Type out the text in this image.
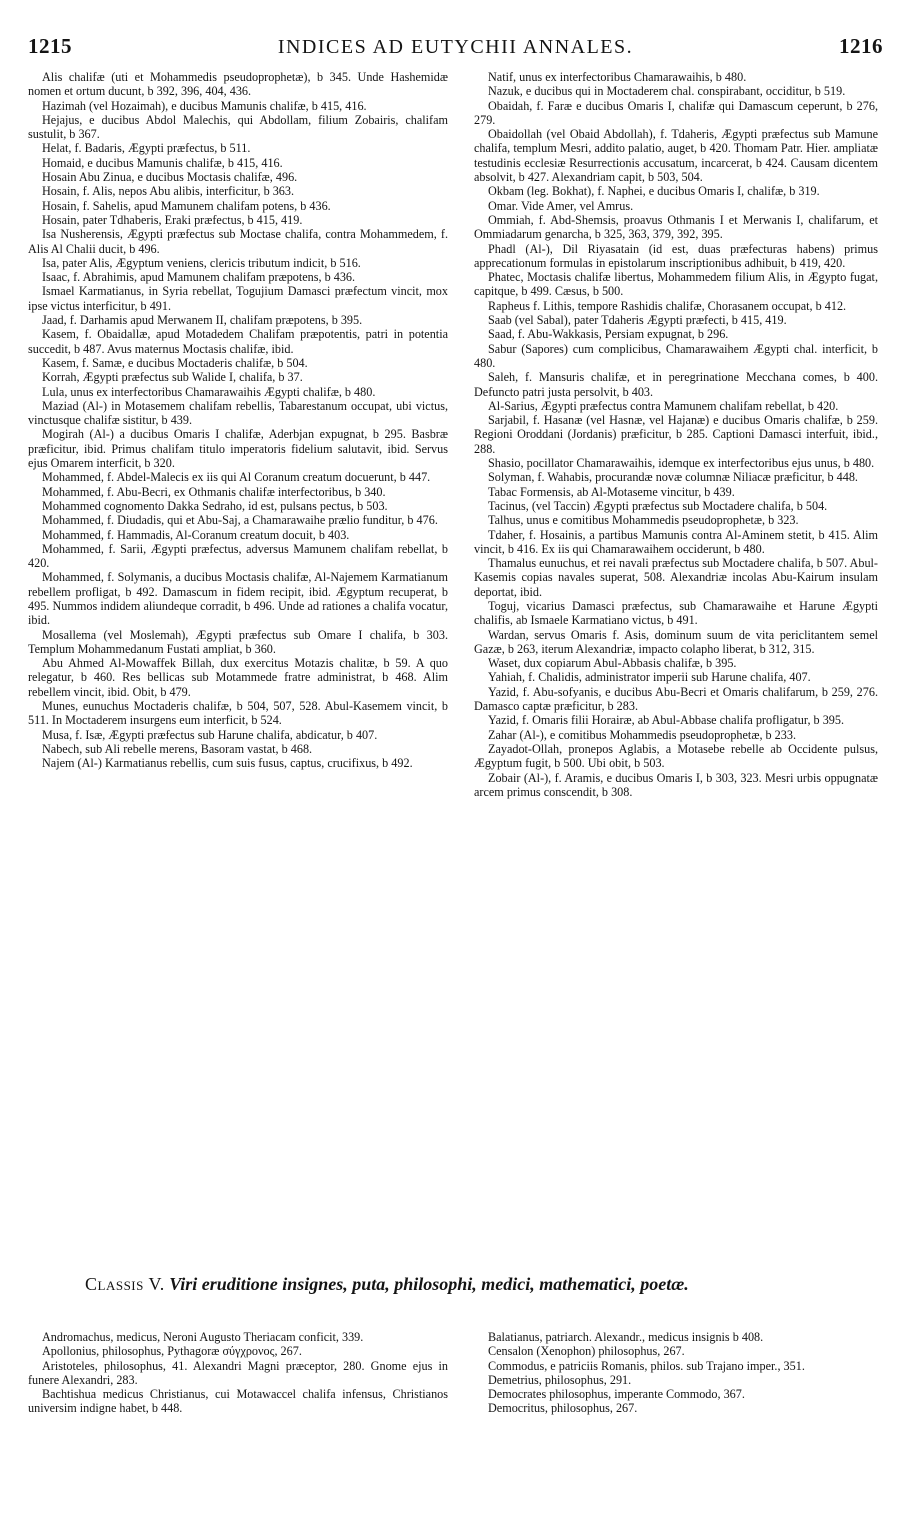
1215	INDICES AD EUTYCHII ANNALES.	1216

Alis chalifæ (uti et Mohammedis pseudoprophetæ), b 345. Unde Hashemidæ nomen et ortum ducunt, b 392, 396, 404, 436.

Hazimah (vel Hozaimah), e ducibus Mamunis chalifæ, b 415, 416.

Hejajus, e ducibus Abdol Malechis, qui Abdollam, filium Zobairis, chalifam sustulit, b 367.

Helat, f. Badaris, Ægypti præfectus, b 511.

Homaid, e ducibus Mamunis chalifæ, b 415, 416.

Hosain Abu Zinua, e ducibus Moctasis chalifæ, 496.

Hosain, f. Alis, nepos Abu alibis, interficitur, b 363.

Hosain, f. Sahelis, apud Mamunem chalifam potens, b 436.

Hosain, pater Tdhaberis, Eraki præfectus, b 415, 419.

Isa Nusherensis, Ægypti præfectus sub Moctase chalifa, contra Mohammedem, f. Alis Al Chalii ducit, b 496.

Isa, pater Alis, Ægyptum veniens, clericis tributum indicit, b 516.

Isaac, f. Abrahimis, apud Mamunem chalifam præpotens, b 436.

Ismael Karmatianus, in Syria rebellat, Togujium Damasci præfectum vincit, mox ipse victus interficitur, b 491.

Jaad, f. Darhamis apud Merwanem II, chalifam præpotens, b 395.

Kasem, f. Obaidallæ, apud Motadedem Chalifam præpotentis, patri in potentia succedit, b 487. Avus maternus Moctasis chalifæ, ibid.

Kasem, f. Samæ, e ducibus Moctaderis chalifæ, b 504.

Korrah, Ægypti præfectus sub Walide I, chalifa, b 37.

Lula, unus ex interfectoribus Chamarawaihis Ægypti chalifæ, b 480.

Maziad (Al-) in Motasemem chalifam rebellis, Tabarestanum occupat, ubi victus, vinctusque chalifæ sistitur, b 439.

Mogirah (Al-) a ducibus Omaris I chalifæ, Aderbjan expugnat, b 295. Basbræ præficitur, ibid. Primus chalifam titulo imperatoris fidelium salutavit, ibid. Servus ejus Omarem interficit, b 320.

Mohammed, f. Abdel-Malecis ex iis qui Al Coranum creatum docuerunt, b 447.

Mohammed, f. Abu-Becri, ex Othmanis chalifæ interfectoribus, b 340.

Mohammed cognomento Dakka Sedraho, id est, pulsans pectus, b 503.

Mohammed, f. Diudadis, qui et Abu-Saj, a Chamarawaihe prælio funditur, b 476.

Mohammed, f. Hammadis, Al-Coranum creatum docuit, b 403.

Mohammed, f. Sarii, Ægypti præfectus, adversus Mamunem chalifam rebellat, b 420.

Mohammed, f. Solymanis, a ducibus Moctasis chalifæ, Al-Najemem Karmatianum rebellem profligat, b 492. Damascum in fidem recipit, ibid. Ægyptum recuperat, b 495. Nummos indidem aliundeque corradit, b 496. Unde ad rationes a chalifa vocatur, ibid.

Mosallema (vel Moslemah), Ægypti præfectus sub Omare I chalifa, b 303. Templum Mohammedanum Fustati ampliat, b 360.

Abu Ahmed Al-Mowaffek Billah, dux exercitus Motazis chalitæ, b 59. A quo relegatur, b 460. Res bellicas sub Motammede fratre administrat, b 468. Alim rebellem vincit, ibid. Obit, b 479.

Munes, eunuchus Moctaderis chalifæ, b 504, 507, 528. Abul-Kasemem vincit, b 511. In Moctaderem insurgens eum interficit, b 524.

Musa, f. Isæ, Ægypti præfectus sub Harune chalifa, abdicatur, b 407.

Nabech, sub Ali rebelle merens, Basoram vastat, b 468.

Najem (Al-) Karmatianus rebellis, cum suis fusus, captus, crucifixus, b 492.

Natif, unus ex interfectoribus Chamarawaihis, b 480.

Nazuk, e ducibus qui in Moctaderem chal. conspirabant, occiditur, b 519.

Obaidah, f. Faræ e ducibus Omaris I, chalifæ qui Damascum ceperunt, b 276, 279.

Obaidollah (vel Obaid Abdollah), f. Tdaheris, Ægypti præfectus sub Mamune chalifa, templum Mesri, addito palatio, auget, b 420. Thomam Patr. Hier. ampliatæ testudinis ecclesiæ Resurrectionis accusatum, incarcerat, b 424. Causam dicentem absolvit, b 427. Alexandriam capit, b 503, 504.

Okbam (leg. Bokhat), f. Naphei, e ducibus Omaris I, chalifæ, b 319.

Omar. Vide Amer, vel Amrus.

Ommiah, f. Abd-Shemsis, proavus Othmanis I et Merwanis I, chalifarum, et Ommiadarum genarcha, b 325, 363, 379, 392, 395.

Phadl (Al-), Dil Riyasatain (id est, duas præfecturas habens) primus apprecationum formulas in epistolarum inscriptionibus adhibuit, b 419, 420.

Phatec, Moctasis chalifæ libertus, Mohammedem filium Alis, in Ægypto fugat, capitque, b 499. Cæsus, b 500.

Rapheus f. Lithis, tempore Rashidis chalifæ, Chorasanem occupat, b 412.

Saab (vel Sabal), pater Tdaheris Ægypti præfecti, b 415, 419.

Saad, f. Abu-Wakkasis, Persiam expugnat, b 296.

Sabur (Sapores) cum complicibus, Chamarawaihem Ægypti chal. interficit, b 480.

Saleh, f. Mansuris chalifæ, et in peregrinatione Mecchana comes, b 400. Defuncto patri justa persolvit, b 403.

Al-Sarius, Ægypti præfectus contra Mamunem chalifam rebellat, b 420.

Sarjabil, f. Hasanæ (vel Hasnæ, vel Hajanæ) e ducibus Omaris chalifæ, b 259. Regioni Oroddani (Jordanis) præficitur, b 285. Captioni Damasci interfuit, ibid., 288.

Shasio, pocillator Chamarawaihis, idemque ex interfectoribus ejus unus, b 480.

Solyman, f. Wahabis, procurandæ novæ columnæ Niliacæ præficitur, b 448.

Tabac Formensis, ab Al-Motaseme vincitur, b 439.

Tacinus, (vel Taccin) Ægypti præfectus sub Moctadere chalifa, b 504.

Talhus, unus e comitibus Mohammedis pseudoprophetæ, b 323.

Tdaher, f. Hosainis, a partibus Mamunis contra Al-Aminem stetit, b 415. Alim vincit, b 416. Ex iis qui Chamarawaihem occiderunt, b 480.

Thamalus eunuchus, et rei navali præfectus sub Moctadere chalifa, b 507. Abul-Kasemis copias navales superat, 508. Alexandriæ incolas Abu-Kairum insulam deportat, ibid.

Toguj, vicarius Damasci præfectus, sub Chamarawaihe et Harune Ægypti chalifis, ab Ismaele Karmatiano victus, b 491.

Wardan, servus Omaris f. Asis, dominum suum de vita periclitantem semel Gazæ, b 263, iterum Alexandriæ, impacto colapho liberat, b 312, 315.

Waset, dux copiarum Abul-Abbasis chalifæ, b 395.

Yahiah, f. Chalidis, administrator imperii sub Harune chalifa, 407.

Yazid, f. Abu-sofyanis, e ducibus Abu-Becri et Omaris chalifarum, b 259, 276. Damasco captæ præficitur, b 283.

Yazid, f. Omaris filii Horairæ, ab Abul-Abbase chalifa profligatur, b 395.

Zahar (Al-), e comitibus Mohammedis pseudoprophetæ, b 233.

Zayadot-Ollah, pronepos Aglabis, a Motasebe rebelle ab Occidente pulsus, Ægyptum fugit, b 500. Ubi obit, b 503.

Zobair (Al-), f. Aramis, e ducibus Omaris I, b 303, 323. Mesri urbis oppugnatæ arcem primus conscendit, b 308.

Classis V. Viri eruditione insignes, puta, philosophi, medici, mathematici, poetæ.

Andromachus, medicus, Neroni Augusto Theriacam conficit, 339.

Apollonius, philosophus, Pythagoræ σύγχρονος, 267.

Aristoteles, philosophus, 41. Alexandri Magni præceptor, 280. Gnome ejus in funere Alexandri, 283.

Bachtishua medicus Christianus, cui Motawaccel chalifa infensus, Christianos universim indigne habet, b 448.

Balatianus, patriarch. Alexandr., medicus insignis b 408.

Censalon (Xenophon) philosophus, 267.

Commodus, e patriciis Romanis, philos. sub Trajano imper., 351.

Demetrius, philosophus, 291.

Democrates philosophus, imperante Commodo, 367.

Democritus, philosophus, 267.
